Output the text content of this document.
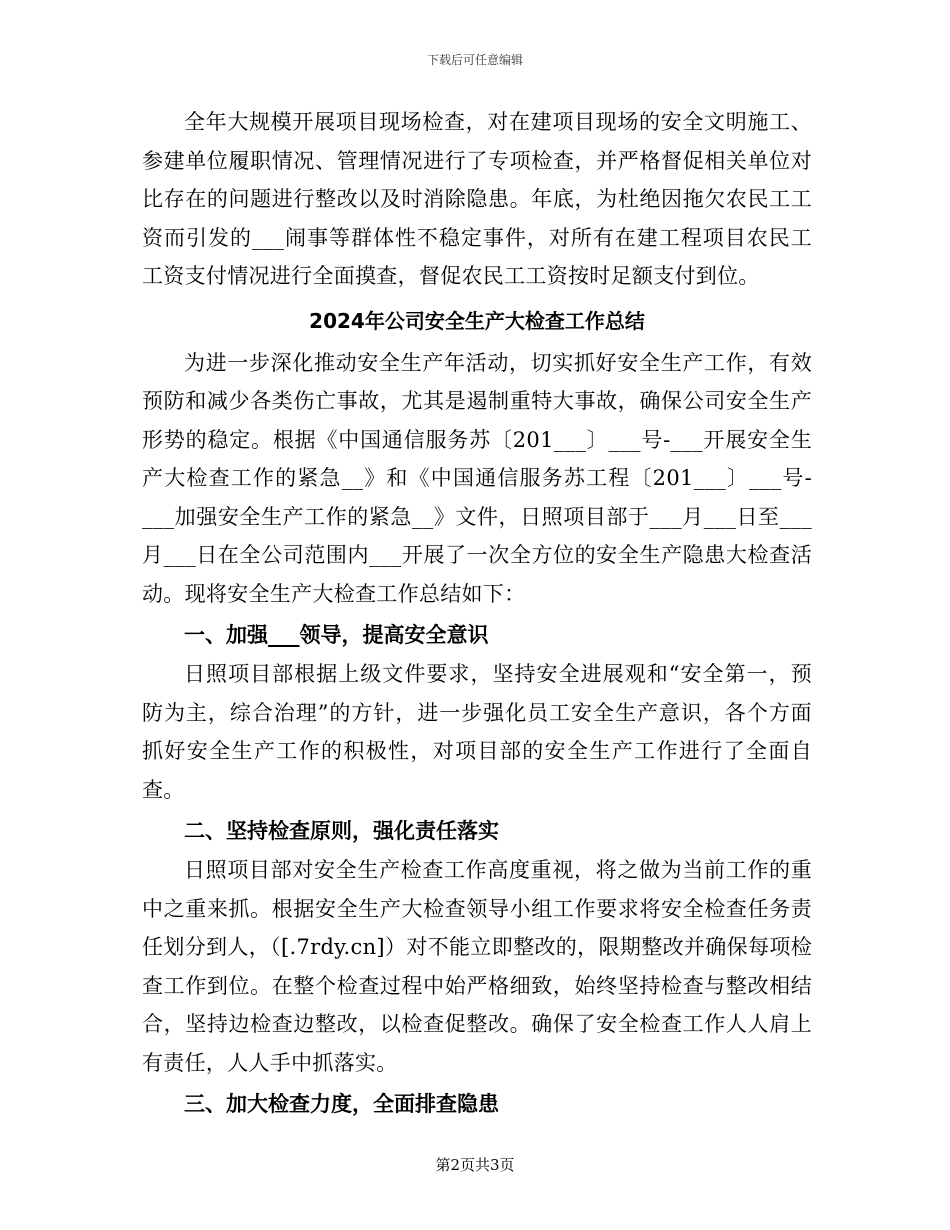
下载后可任意编辑

全年大规模开展项目现场检查，对在建项目现场的安全文明施工、参建单位履职情况、管理情况进行了专项检查，并严格督促相关单位对比存在的问题进行整改以及时消除隐患。年底，为杜绝因拖欠农民工工资而引发的___闹事等群体性不稳定事件，对所有在建工程项目农民工工资支付情况进行全面摸查，督促农民工工资按时足额支付到位。

2024年公司安全生产大检查工作总结

为进一步深化推动安全生产年活动，切实抓好安全生产工作，有效预防和减少各类伤亡事故，尤其是遏制重特大事故，确保公司安全生产形势的稳定。根据《中国通信服务苏〔201___〕___号-___开展安全生产大检查工作的紧急__》和《中国通信服务苏工程〔201___〕___号-___加强安全生产工作的紧急__》文件，日照项目部于___月___日至___月___日在全公司范围内___开展了一次全方位的安全生产隐患大检查活动。现将安全生产大检查工作总结如下：

一、加强___领导，提高安全意识

日照项目部根据上级文件要求，坚持安全进展观和“安全第一，预防为主，综合治理”的方针，进一步强化员工安全生产意识，各个方面抓好安全生产工作的积极性，对项目部的安全生产工作进行了全面自查。

二、坚持检查原则，强化责任落实

日照项目部对安全生产检查工作高度重视，将之做为当前工作的重中之重来抓。根据安全生产大检查领导小组工作要求将安全检查任务责任划分到人，（[.7rdy.cn]）对不能立即整改的，限期整改并确保每项检查工作到位。在整个检查过程中始严格细致，始终坚持检查与整改相结合，坚持边检查边整改，以检查促整改。确保了安全检查工作人人肩上有责任，人人手中抓落实。

三、加大检查力度，全面排查隐患
第2页共3页
